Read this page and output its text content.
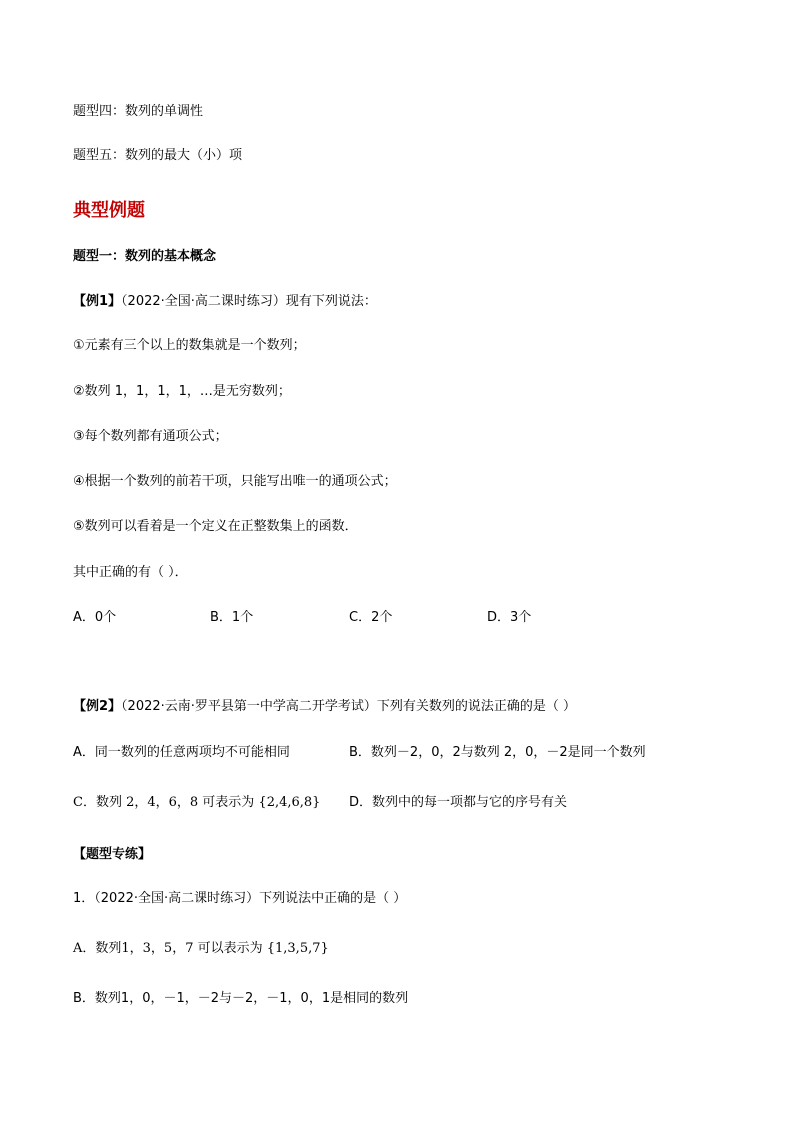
题型四：数列的单调性
题型五：数列的最大（小）项
典型例题
题型一：数列的基本概念
【例1】（2022·全国·高二课时练习）现有下列说法：
①元素有三个以上的数集就是一个数列；
②数列 1，1，1，1，…是无穷数列；
③每个数列都有通项公式；
④根据一个数列的前若干项，只能写出唯一的通项公式；
⑤数列可以看着是一个定义在正整数集上的函数．
其中正确的有（ ）．
A．0个	B．1个	C．2个	D．3个
【例2】（2022·云南·罗平县第一中学高二开学考试）下列有关数列的说法正确的是（ ）
A．同一数列的任意两项均不可能相同	B．数列－2，0，2与数列 2，0，－2是同一个数列
C．数列 2，4，6，8 可表示为 {2,4,6,8} D．数列中的每一项都与它的序号有关
【题型专练】
1．（2022·全国·高二课时练习）下列说法中正确的是（ ）
A．数列1，3，5，7 可以表示为 {1,3,5,7}
B．数列1，0，－1，－2与－2，－1，0，1是相同的数列
